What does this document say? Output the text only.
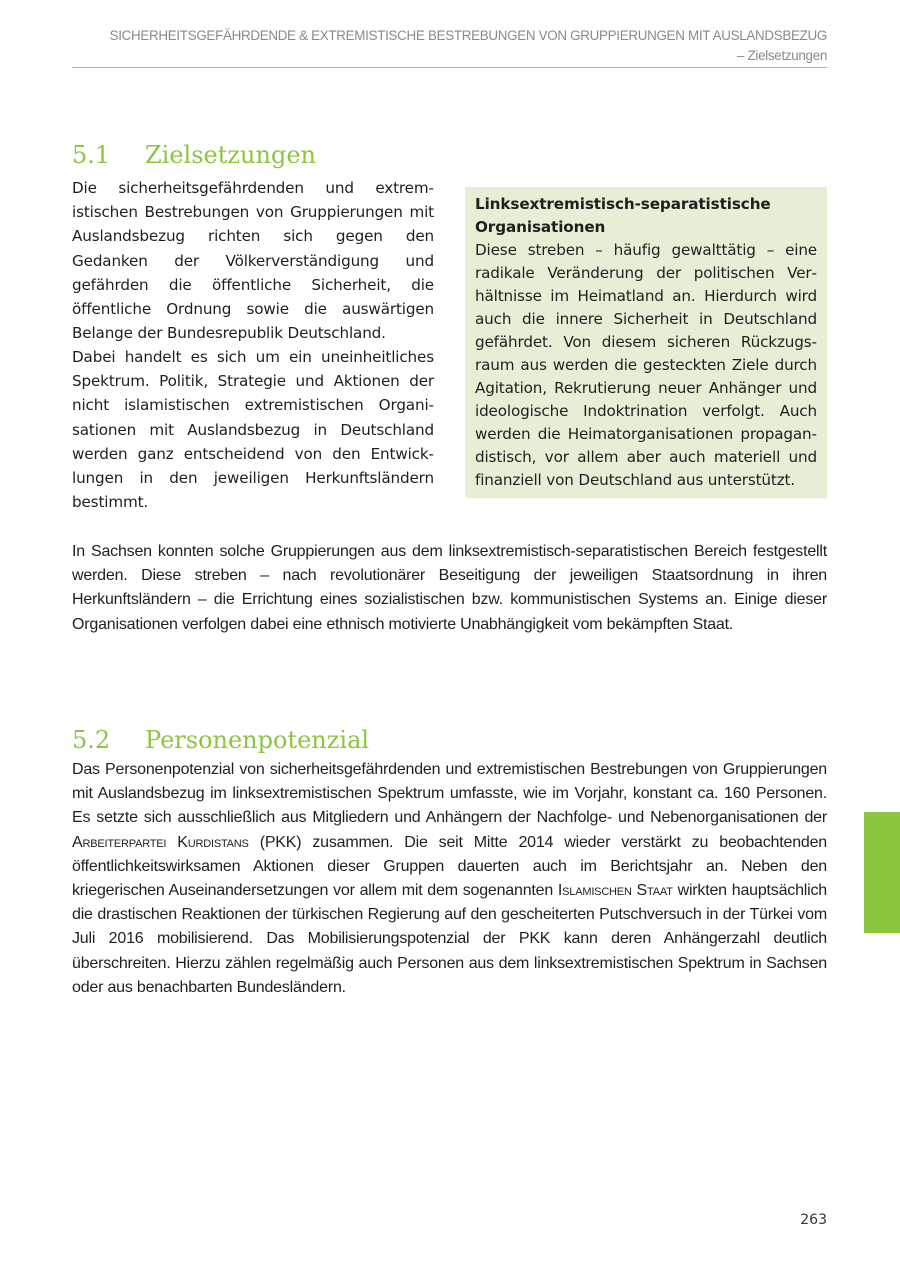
SICHERHEITSGEFÄHRDENDE & EXTREMISTISCHE BESTREBUNGEN VON GRUPPIERUNGEN MIT AUSLANDSBEZUG
– Zielsetzungen
5.1 Zielsetzungen

Die sicherheitsgefährdenden und extremistischen Bestrebungen von Gruppierungen mit Auslandsbezug richten sich gegen den Gedanken der Völkerverständigung und gefährden die öffentliche Sicherheit, die öffentliche Ordnung sowie die auswärtigen Belange der Bundesrepublik Deutschland.

Dabei handelt es sich um ein uneinheitliches Spektrum. Politik, Strategie und Aktionen der nicht islamistischen extremistischen Organisationen mit Auslandsbezug in Deutschland werden ganz entscheidend von den Entwicklungen in den jeweiligen Herkunftsländern bestimmt.

Linksextremistisch-separatistische Organisationen

Diese streben – häufig gewalttätig – eine radikale Veränderung der politischen Verhältnisse im Heimatland an. Hierdurch wird auch die innere Sicherheit in Deutschland gefährdet. Von diesem sicheren Rückzugsraum aus werden die gesteckten Ziele durch Agitation, Rekrutierung neuer Anhänger und ideologische Indoktrination verfolgt. Auch werden die Heimatorganisationen propagandistisch, vor allem aber auch materiell und finanziell von Deutschland aus unterstützt.

In Sachsen konnten solche Gruppierungen aus dem linksextremistisch-separatistischen Bereich festgestellt werden. Diese streben – nach revolutionärer Beseitigung der jeweiligen Staatsordnung in ihren Herkunftsländern – die Errichtung eines sozialistischen bzw. kommunistischen Systems an. Einige dieser Organisationen verfolgen dabei eine ethnisch motivierte Unabhängigkeit vom bekämpften Staat.

5.2 Personenpotenzial

Das Personenpotenzial von sicherheitsgefährdenden und extremistischen Bestrebungen von Gruppierungen mit Auslandsbezug im linksextremistischen Spektrum umfasste, wie im Vorjahr, konstant ca. 160 Personen. Es setzte sich ausschließlich aus Mitgliedern und Anhängern der Nachfolge- und Nebenorganisationen der Arbeiterpartei Kurdistans (PKK) zusammen. Die seit Mitte 2014 wieder verstärkt zu beobachtenden öffentlichkeitswirksamen Aktionen dieser Gruppen dauerten auch im Berichtsjahr an. Neben den kriegerischen Auseinandersetzungen vor allem mit dem sogenannten Islamischen Staat wirkten hauptsächlich die drastischen Reaktionen der türkischen Regierung auf den gescheiterten Putschversuch in der Türkei vom Juli 2016 mobilisierend. Das Mobilisierungspotenzial der PKK kann deren Anhängerzahl deutlich überschreiten. Hierzu zählen regelmäßig auch Personen aus dem linksextremistischen Spektrum in Sachsen oder aus benachbarten Bundesländern.

263
